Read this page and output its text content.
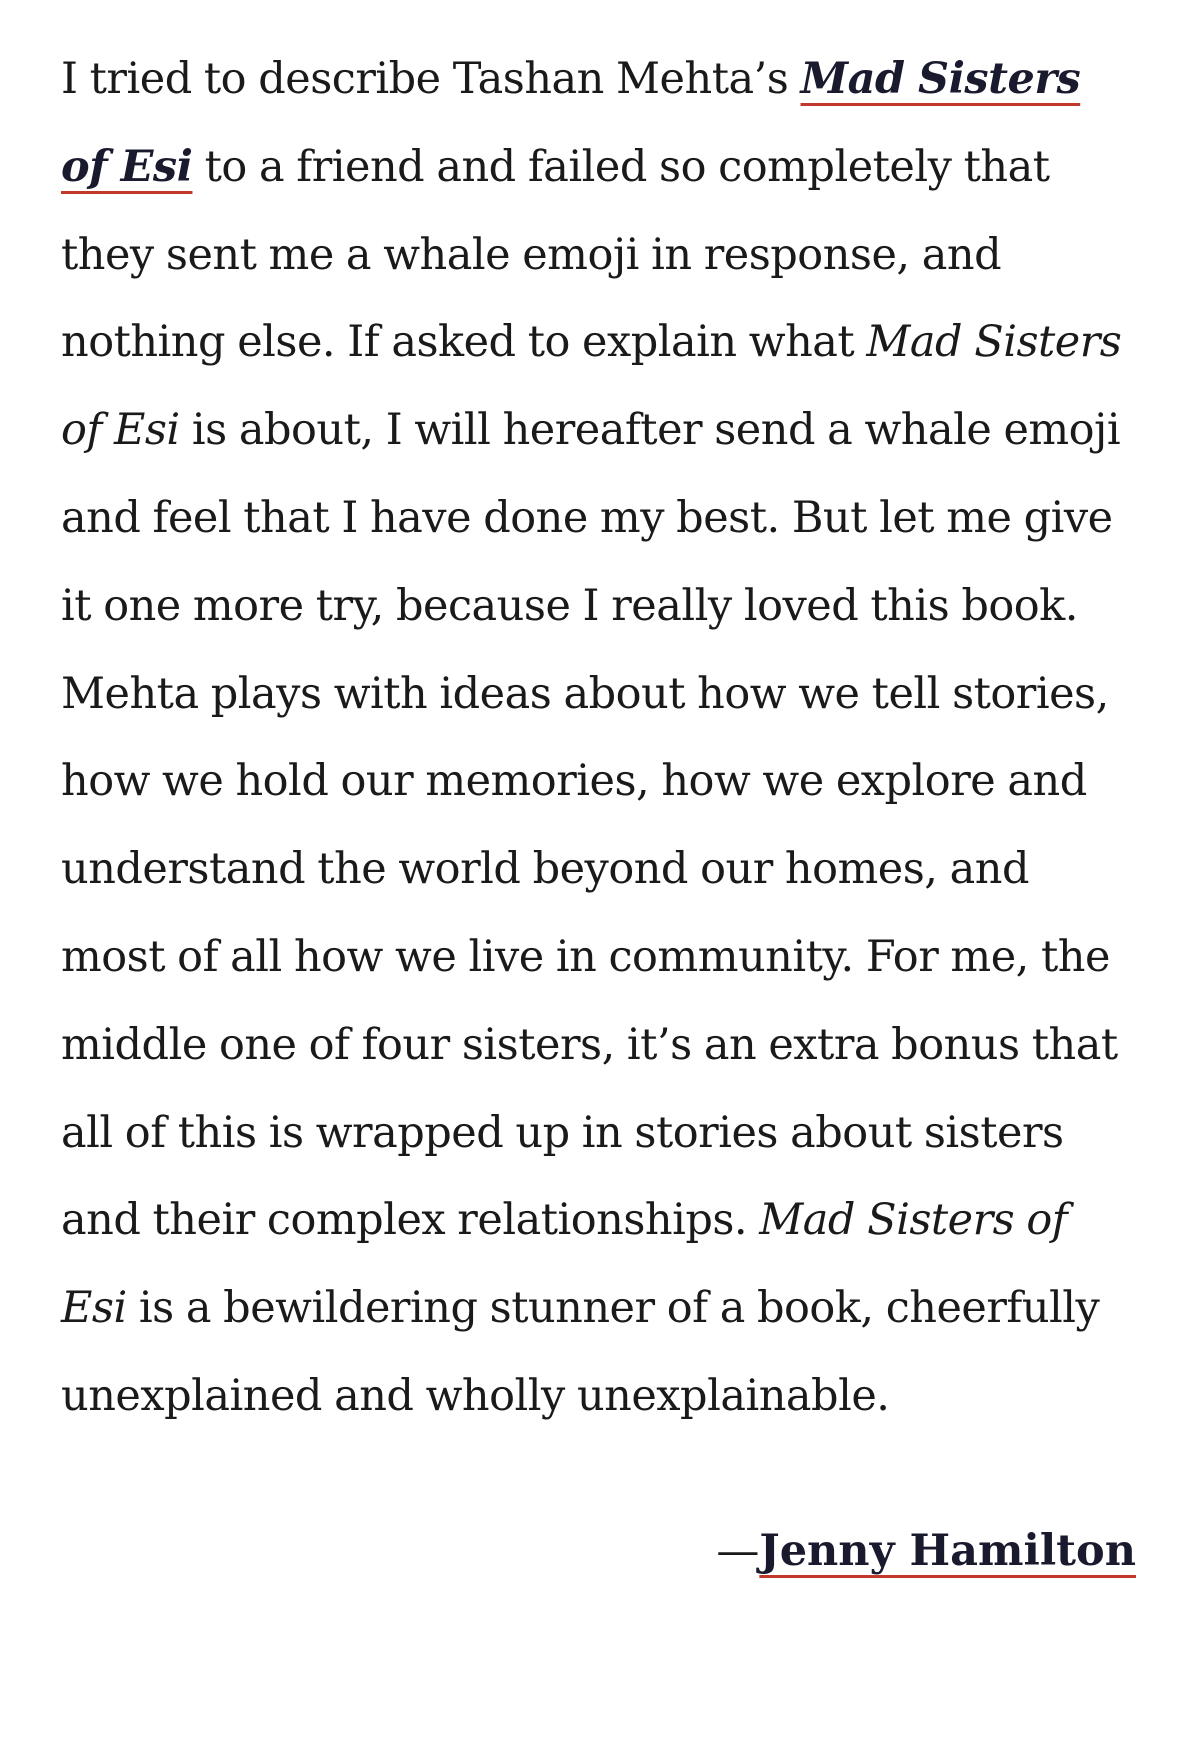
I tried to describe Tashan Mehta’s Mad Sisters of Esi to a friend and failed so completely that they sent me a whale emoji in response, and nothing else. If asked to explain what Mad Sisters of Esi is about, I will hereafter send a whale emoji and feel that I have done my best. But let me give it one more try, because I really loved this book. Mehta plays with ideas about how we tell stories, how we hold our memories, how we explore and understand the world beyond our homes, and most of all how we live in community. For me, the middle one of four sisters, it’s an extra bonus that all of this is wrapped up in stories about sisters and their complex relationships. Mad Sisters of Esi is a bewildering stunner of a book, cheerfully unexplained and wholly unexplainable.

—Jenny Hamilton
